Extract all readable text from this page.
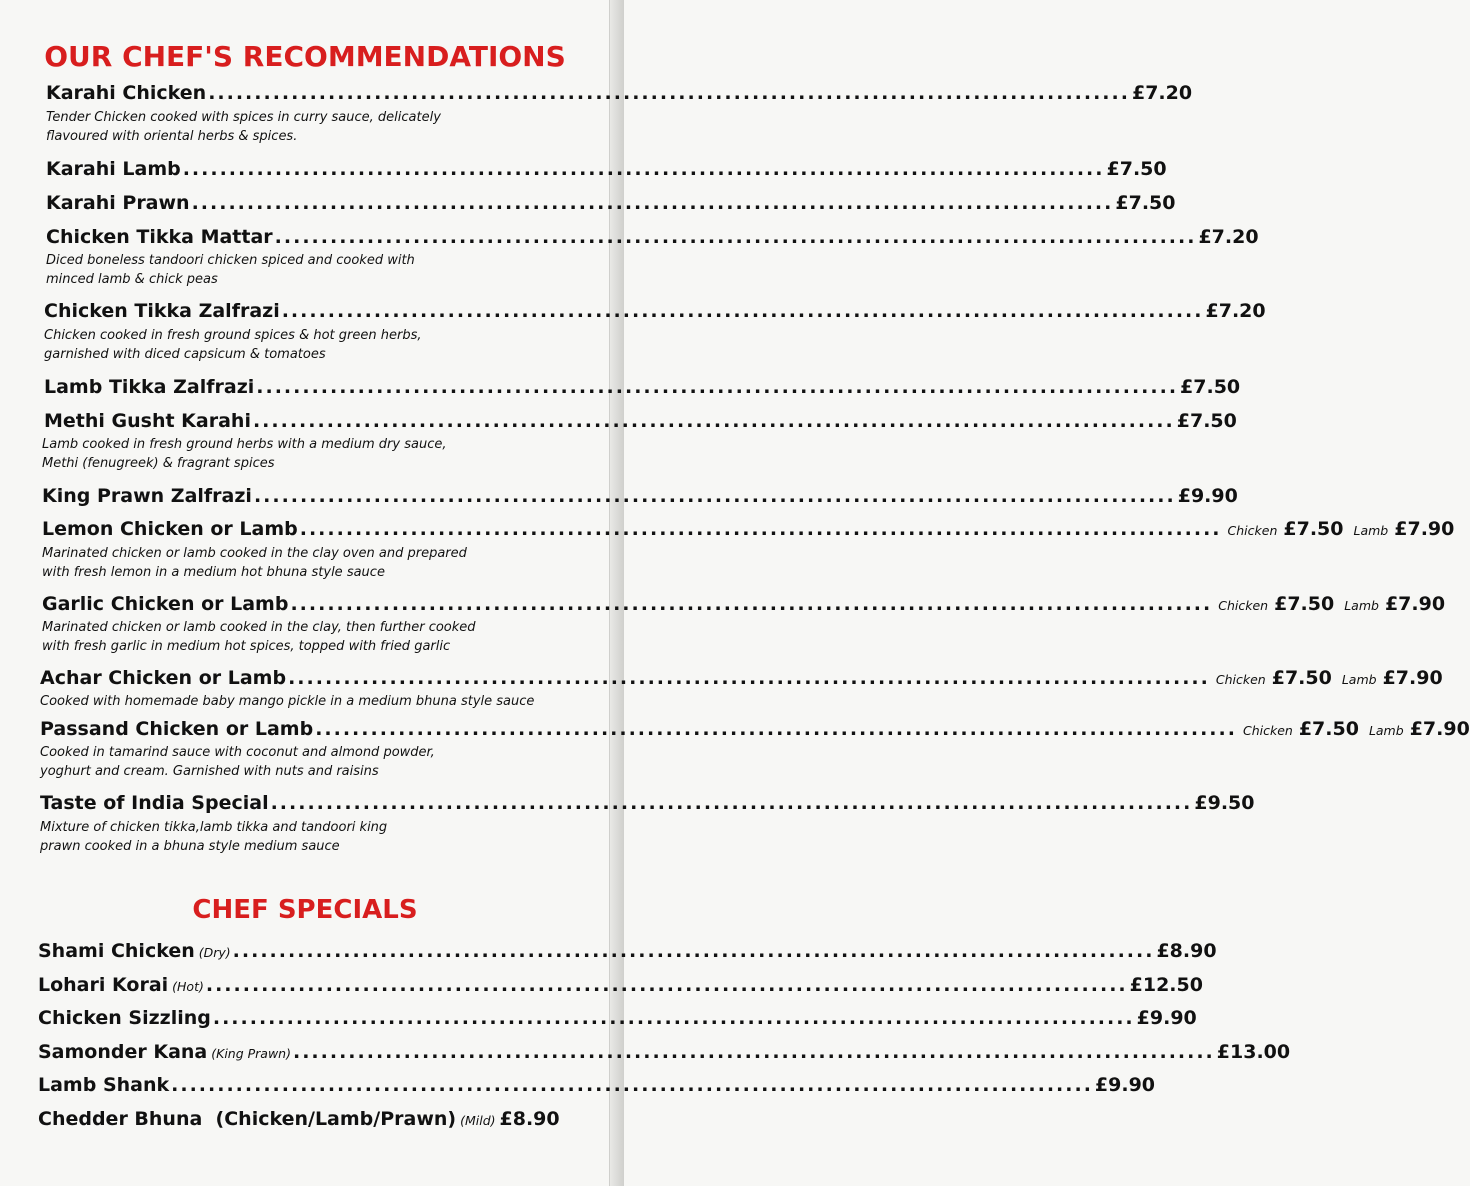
OUR CHEF'S RECOMMENDATIONS
Karahi Chicken .................................................................................................... £7.20
Tender Chicken cooked with spices in curry sauce, delicately
flavoured with oriental herbs & spices.
Karahi Lamb .................................................................................................... £7.50
Karahi Prawn .................................................................................................... £7.50
Chicken Tikka Mattar .................................................................................................... £7.20
Diced boneless tandoori chicken spiced and cooked with
minced lamb & chick peas
Chicken Tikka Zalfrazi .................................................................................................... £7.20
Chicken cooked in fresh ground spices & hot green herbs,
garnished with diced capsicum & tomatoes
Lamb Tikka Zalfrazi .................................................................................................... £7.50
Methi Gusht Karahi .................................................................................................... £7.50
Lamb cooked in fresh ground herbs with a medium dry sauce,
Methi (fenugreek) & fragrant spices
King Prawn Zalfrazi .................................................................................................... £9.90
Lemon Chicken or Lamb .................................................................................................... Chicken £7.50 Lamb £7.90
Marinated chicken or lamb cooked in the clay oven and prepared
with fresh lemon in a medium hot bhuna style sauce
Garlic Chicken or Lamb .................................................................................................... Chicken £7.50 Lamb £7.90
Marinated chicken or lamb cooked in the clay, then further cooked
with fresh garlic in medium hot spices, topped with fried garlic
Achar Chicken or Lamb .................................................................................................... Chicken £7.50 Lamb £7.90
Cooked with homemade baby mango pickle in a medium bhuna style sauce
Passand Chicken or Lamb .................................................................................................... Chicken £7.50 Lamb £7.90
Cooked in tamarind sauce with coconut and almond powder,
yoghurt and cream. Garnished with nuts and raisins
Taste of India Special .................................................................................................... £9.50
Mixture of chicken tikka,lamb tikka and tandoori king
prawn cooked in a bhuna style medium sauce
CHEF SPECIALS
Shami Chicken (Dry) .................................................................................................... £8.90
Lohari Korai (Hot) .................................................................................................... £12.50
Chicken Sizzling .................................................................................................... £9.90
Samonder Kana (King Prawn) .................................................................................................... £13.00
Lamb Shank .................................................................................................... £9.90
Chedder Bhuna  (Chicken/Lamb/Prawn) (Mild) £8.90
